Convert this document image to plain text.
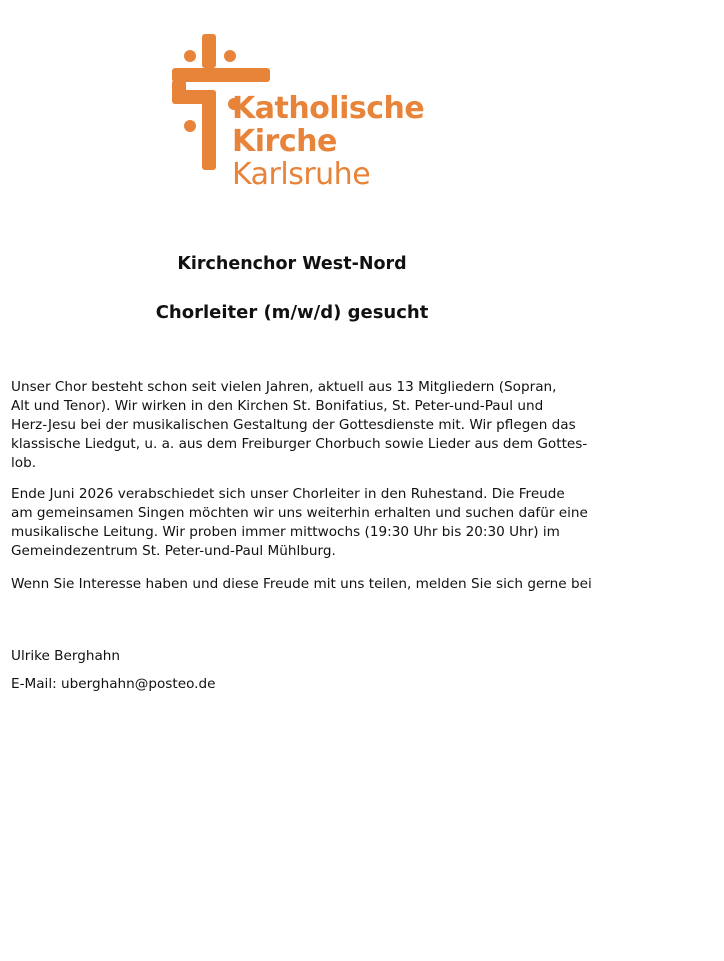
Katholische
Kirche
Karlsruhe
Kirchenchor West-Nord
Chorleiter (m/w/d) gesucht

Unser Chor besteht schon seit vielen Jahren, aktuell aus 13 Mitgliedern (Sopran,
Alt und Tenor). Wir wirken in den Kirchen St. Bonifatius, St. Peter-und-Paul und
Herz-Jesu bei der musikalischen Gestaltung der Gottesdienste mit. Wir pflegen das
klassische Liedgut, u. a. aus dem Freiburger Chorbuch sowie Lieder aus dem Gottes-
lob.

Ende Juni 2026 verabschiedet sich unser Chorleiter in den Ruhestand. Die Freude
am gemeinsamen Singen möchten wir uns weiterhin erhalten und suchen dafür eine
musikalische Leitung. Wir proben immer mittwochs (19:30 Uhr bis 20:30 Uhr) im
Gemeindezentrum St. Peter-und-Paul Mühlburg.

Wenn Sie Interesse haben und diese Freude mit uns teilen, melden Sie sich gerne bei

Ulrike Berghahn
E-Mail: uberghahn@posteo.de
